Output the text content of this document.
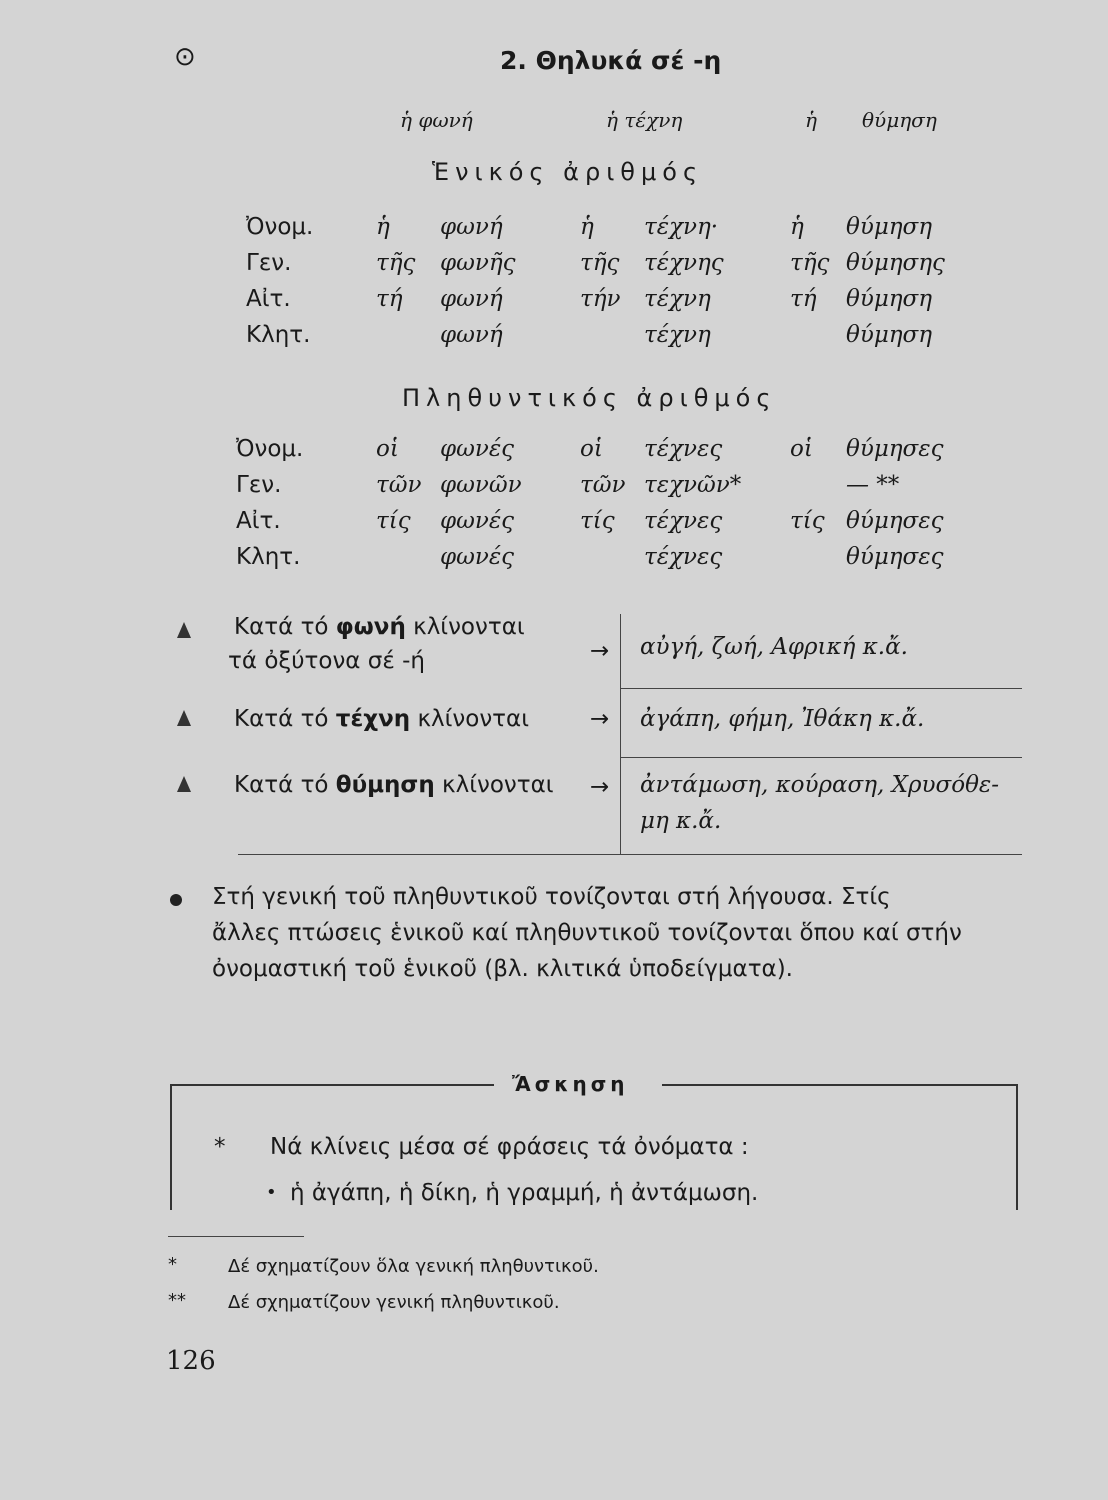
⊙	2. Θηλυκά σέ -η
ἡ φωνή	ἡ τέχνη	ἡ θύμηση
Ἑνικός ἀριθμός
Ὀνομ.	ἡ φωνή	ἡ τέχνη·	ἡ θύμηση
Γεν.	τῆς φωνῆς	τῆς τέχνης	τῆς θύμησης
Αἰτ.	τή φωνή	τήν τέχνη	τή θύμηση
Κλητ.	φωνή	τέχνη	θύμηση
Πληθυντικός ἀριθμός
Ὀνομ.	οἱ φωνές	οἱ τέχνες	οἱ θύμησες
Γεν.	τῶν φωνῶν	τῶν τεχνῶν*	— **
Αἰτ.	τίς φωνές	τίς τέχνες	τίς θύμησες
Κλητ.	φωνές	τέχνες	θύμησες
Κατά τό φωνή κλίνονται
τά ὀξύτονα σέ -ή	→ αὐγή, ζωή, Αφρική κ.ἄ.
Κατά τό τέχνη κλίνονται	→ ἀγάπη, φήμη, Ἰθάκη κ.ἄ.
Κατά τό θύμηση κλίνονται → ἀντάμωση, κούραση, Χρυσόθε-
μη κ.ἄ.
Στή γενική τοῦ πληθυντικοῦ τονίζονται στή λήγουσα. Στίς
ἄλλες πτώσεις ἑνικοῦ καί πληθυντικοῦ τονίζονται ὅπου καί στήν
ὀνομαστική τοῦ ἑνικοῦ (βλ. κλιτικά ὑποδείγματα).
Ἄσκηση
* Νά κλίνεις μέσα σέ φράσεις τά ὀνόματα :
• ἡ ἀγάπη, ἡ δίκη, ἡ γραμμή, ἡ ἀντάμωση.
*	Δέ σχηματίζουν ὅλα γενική πληθυντικοῦ.
** Δέ σχηματίζουν γενική πληθυντικοῦ.
126
